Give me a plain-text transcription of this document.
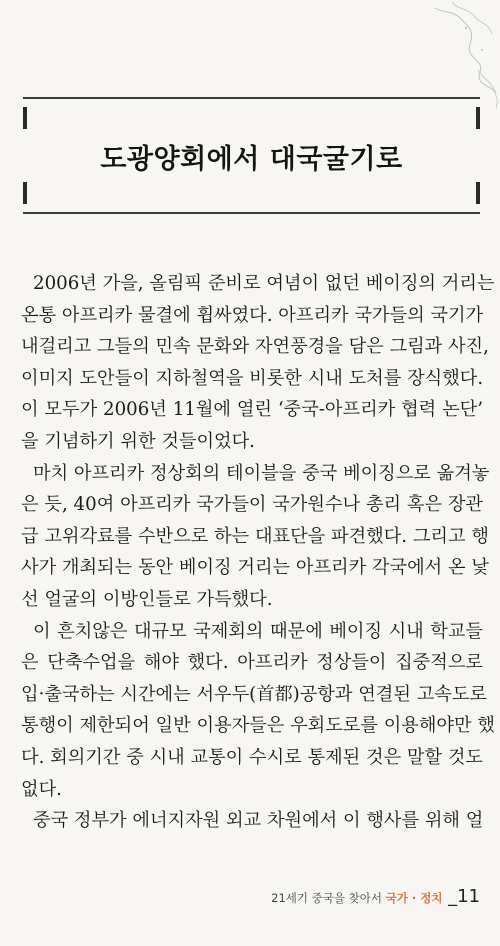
도광양회에서 대국굴기로
2006년 가을, 올림픽 준비로 여념이 없던 베이징의 거리는
온통 아프리카 물결에 휩싸였다. 아프리카 국가들의 국기가
내걸리고 그들의 민속 문화와 자연풍경을 담은 그림과 사진,
이미지 도안들이 지하철역을 비롯한 시내 도처를 장식했다.
이 모두가 2006년 11월에 열린 ‘중국-아프리카 협력 논단’
을 기념하기 위한 것들이었다.
마치 아프리카 정상회의 테이블을 중국 베이징으로 옮겨놓
은 듯, 40여 아프리카 국가들이 국가원수나 총리 혹은 장관
급 고위각료를 수반으로 하는 대표단을 파견했다. 그리고 행
사가 개최되는 동안 베이징 거리는 아프리카 각국에서 온 낯
선 얼굴의 이방인들로 가득했다.
이 흔치않은 대규모 국제회의 때문에 베이징 시내 학교들
은 단축수업을 해야 했다. 아프리카 정상들이 집중적으로
입·출국하는 시간에는 서우두(首都)공항과 연결된 고속도로
통행이 제한되어 일반 이용자들은 우회도로를 이용해야만 했
다. 회의기간 중 시내 교통이 수시로 통제된 것은 말할 것도
없다.
중국 정부가 에너지자원 외교 차원에서 이 행사를 위해 얼
21세기 중국을 찾아서 국가 · 정치 _11
